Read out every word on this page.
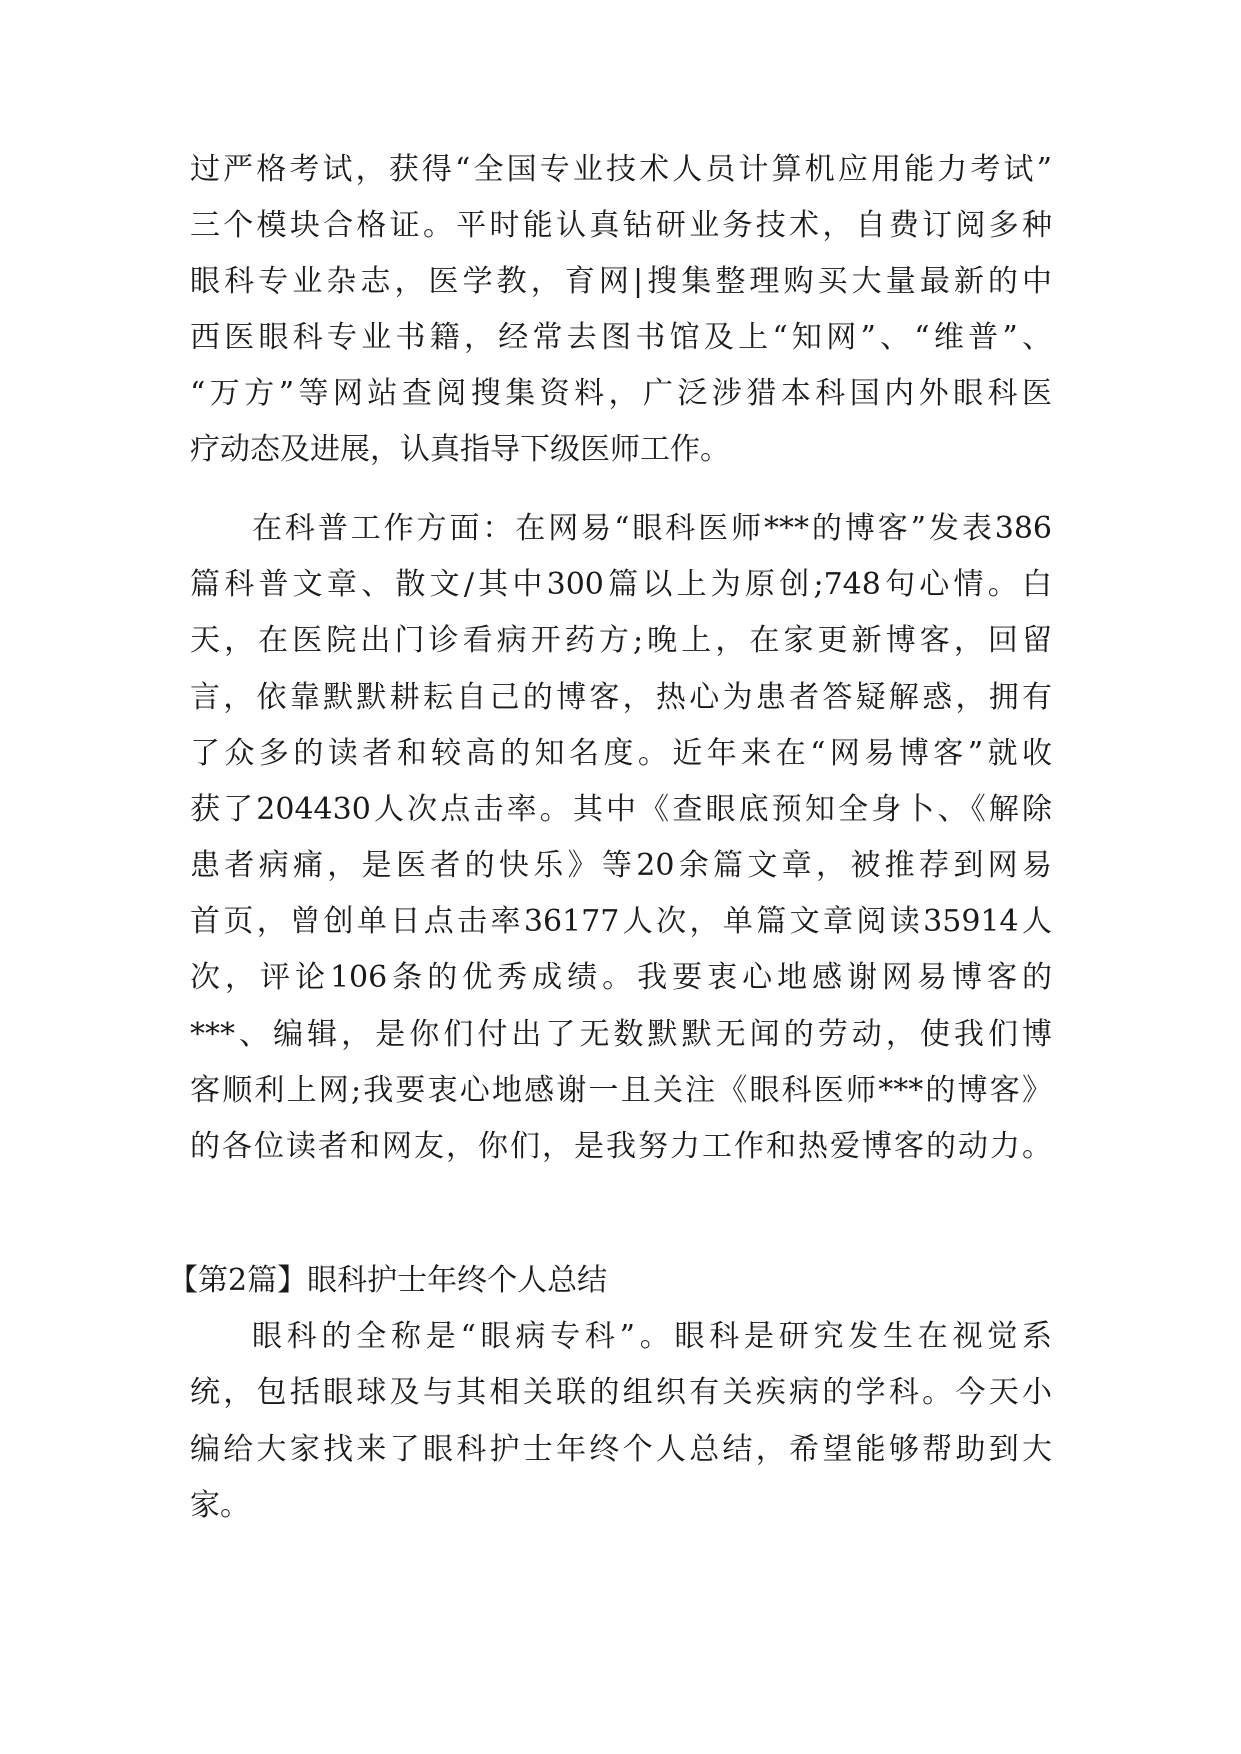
过严格考试，获得“全国专业技术人员计算机应用能力考试”
三个模块合格证。平时能认真钻研业务技术，自费订阅多种
眼科专业杂志，医学教，育网|搜集整理购买大量最新的中
西医眼科专业书籍，经常去图书馆及上“知网”、“维普”、
“万方”等网站查阅搜集资料，广泛涉猎本科国内外眼科医
疗动态及进展，认真指导下级医师工作。
在科普工作方面：在网易“眼科医师***的博客”发表386
篇科普文章、散文/其中300篇以上为原创;748句心情。白
天，在医院出门诊看病开药方;晚上，在家更新博客，回留
言，依靠默默耕耘自己的博客，热心为患者答疑解惑，拥有
了众多的读者和较高的知名度。近年来在“网易博客”就收
获了204430人次点击率。其中《查眼底预知全身卜、《解除
患者病痛，是医者的快乐》等20余篇文章，被推荐到网易
首页，曾创单日点击率36177人次，单篇文章阅读35914人
次，评论106条的优秀成绩。我要衷心地感谢网易博客的
***、编辑，是你们付出了无数默默无闻的劳动，使我们博
客顺利上网;我要衷心地感谢一且关注《眼科医师***的博客》
的各位读者和网友，你们，是我努力工作和热爱博客的动力。
【第2篇】眼科护士年终个人总结
眼科的全称是“眼病专科”。眼科是研究发生在视觉系
统，包括眼球及与其相关联的组织有关疾病的学科。今天小
编给大家找来了眼科护士年终个人总结，希望能够帮助到大
家。
